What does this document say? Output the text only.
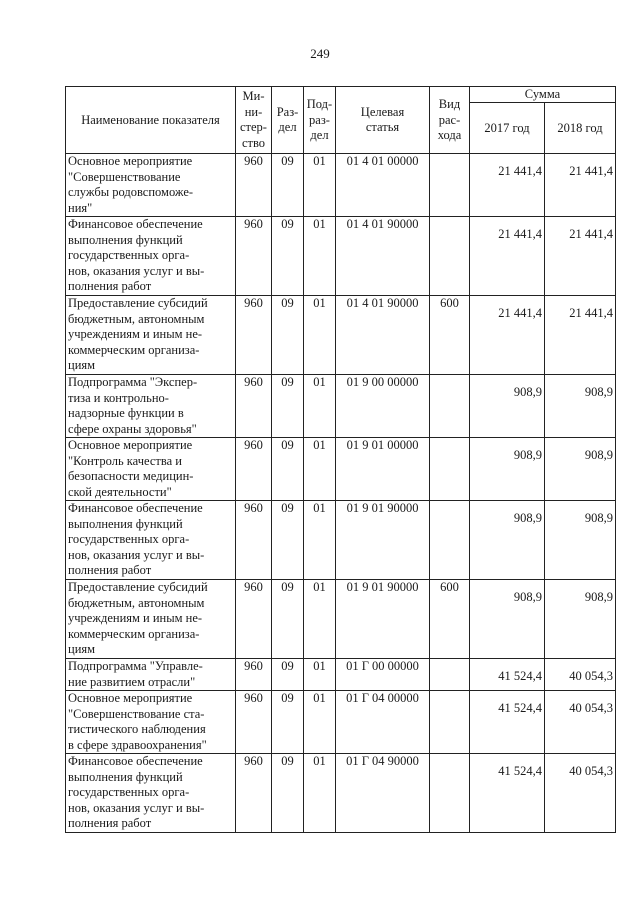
249
Наименование показателя	Ми-
ни-
стер-
ство	Раз-
дел	Под-
раз-
дел	Целевая
статья	Вид
рас-
хода	Сумма	
						2017 год	2018 год
Основное мероприятие
"Совершенствование
службы родовспоможе-
ния"	960	09	01	01 4 01 00000		21 441,4	21 441,4
Финансовое обеспечение
выполнения функций
государственных орга-
нов, оказания услуг и вы-
полнения работ	960	09	01	01 4 01 90000		21 441,4	21 441,4
Предоставление субсидий
бюджетным, автономным
учреждениям и иным не-
коммерческим организа-
циям	960	09	01	01 4 01 90000	600	21 441,4	21 441,4
Подпрограмма "Экспер-
тиза и контрольно-
надзорные функции в
сфере охраны здоровья"	960	09	01	01 9 00 00000		908,9	908,9
Основное мероприятие
"Контроль качества и
безопасности медицин-
ской деятельности"	960	09	01	01 9 01 00000		908,9	908,9
Финансовое обеспечение
выполнения функций
государственных орга-
нов, оказания услуг и вы-
полнения работ	960	09	01	01 9 01 90000		908,9	908,9
Предоставление субсидий
бюджетным, автономным
учреждениям и иным не-
коммерческим организа-
циям	960	09	01	01 9 01 90000	600	908,9	908,9
Подпрограмма "Управле-
ние развитием отрасли"	960	09	01	01 Г 00 00000		41 524,4	40 054,3
Основное мероприятие
"Совершенствование ста-
тистического наблюдения
в сфере здравоохранения"	960	09	01	01 Г 04 00000		41 524,4	40 054,3
Финансовое обеспечение
выполнения функций
государственных орга-
нов, оказания услуг и вы-
полнения работ	960	09	01	01 Г 04 90000		41 524,4	40 054,3
